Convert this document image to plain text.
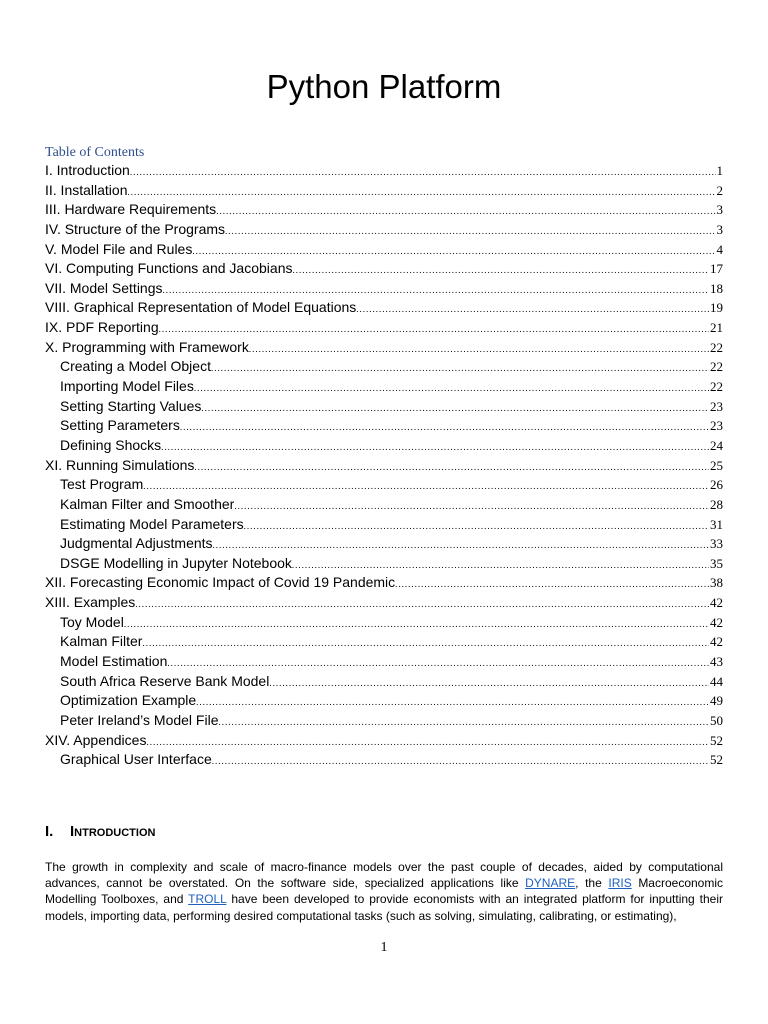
Python Platform
Table of Contents
I. Introduction .....	1
II. Installation .....	2
III. Hardware Requirements .....	3
IV. Structure of the Programs .....	3
V. Model File and Rules .....	4
VI. Computing Functions and Jacobians .....	17
VII. Model Settings .....	18
VIII. Graphical Representation of Model Equations .....	19
IX. PDF Reporting .....	21
X. Programming with Framework .....	22
Creating a Model Object .....	22
Importing Model Files .....	22
Setting Starting Values .....	23
Setting Parameters .....	23
Defining Shocks .....	24
XI. Running Simulations .....	25
Test Program .....	26
Kalman Filter and Smoother .....	28
Estimating Model Parameters .....	31
Judgmental Adjustments .....	33
DSGE Modelling in Jupyter Notebook .....	35
XII. Forecasting Economic Impact of Covid 19 Pandemic .....	38
XIII. Examples .....	42
Toy Model .....	42
Kalman Filter .....	42
Model Estimation .....	43
South Africa Reserve Bank Model .....	44
Optimization Example .....	49
Peter Ireland’s Model File .....	50
XIV. Appendices .....	52
Graphical User Interface .....	52
I. Introduction

The growth in complexity and scale of macro-finance models over the past couple of decades, aided by computational advances, cannot be overstated. On the software side, specialized applications like DYNARE, the IRIS Macroeconomic Modelling Toolboxes, and TROLL have been developed to provide economists with an integrated platform for inputting their models, importing data, performing desired computational tasks (such as solving, simulating, calibrating, or estimating),

1
